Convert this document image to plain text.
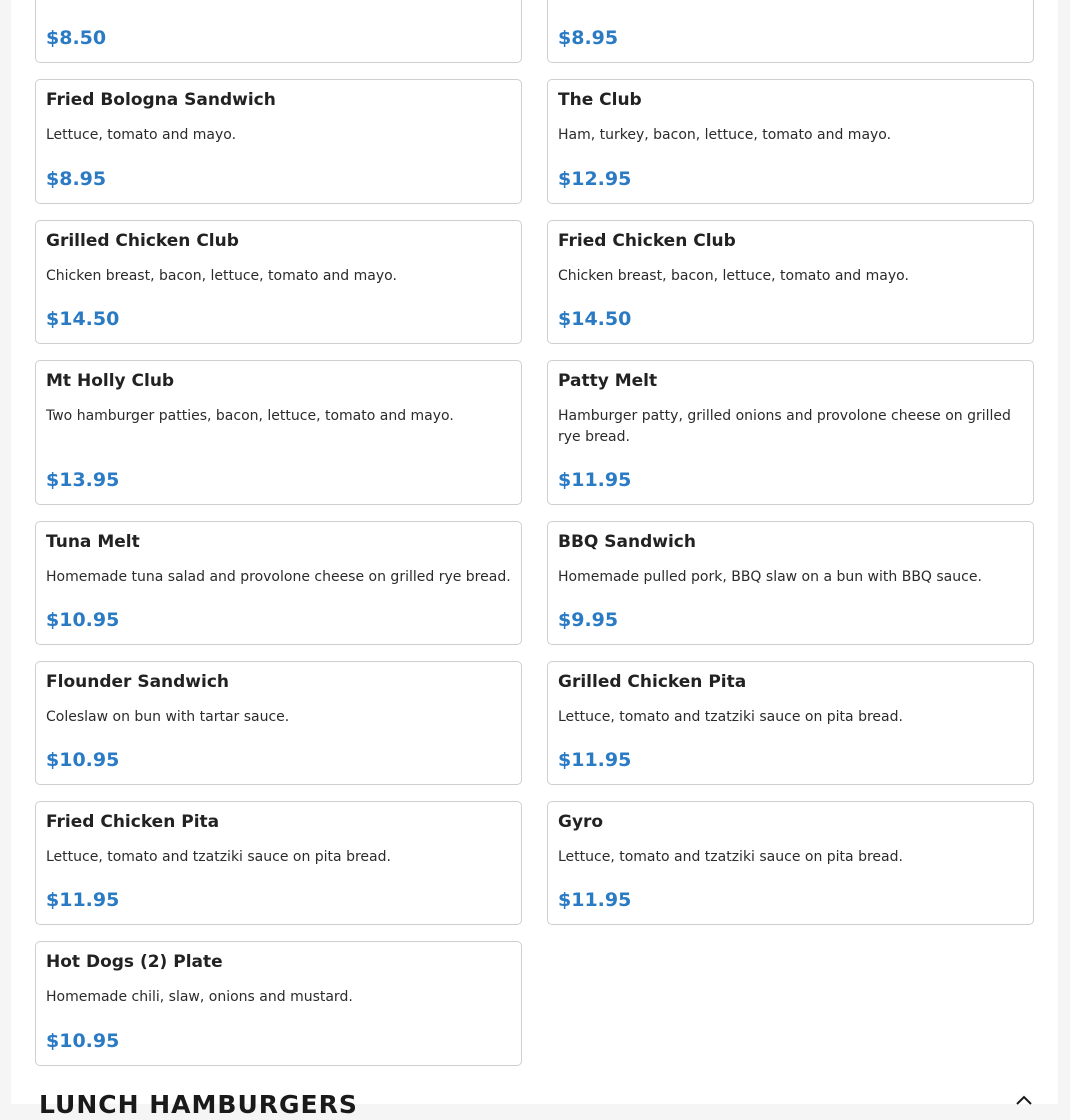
$8.50	$8.95
Fried Bologna Sandwich
Lettuce, tomato and mayo.
$8.95
The Club
Ham, turkey, bacon, lettuce, tomato and mayo.
$12.95
Grilled Chicken Club
Chicken breast, bacon, lettuce, tomato and mayo.
$14.50
Fried Chicken Club
Chicken breast, bacon, lettuce, tomato and mayo.
$14.50
Mt Holly Club
Two hamburger patties, bacon, lettuce, tomato and mayo.
$13.95
Patty Melt
Hamburger patty, grilled onions and provolone cheese on grilled rye bread.
$11.95
Tuna Melt
Homemade tuna salad and provolone cheese on grilled rye bread.
$10.95
BBQ Sandwich
Homemade pulled pork, BBQ slaw on a bun with BBQ sauce.
$9.95
Flounder Sandwich
Coleslaw on bun with tartar sauce.
$10.95
Grilled Chicken Pita
Lettuce, tomato and tzatziki sauce on pita bread.
$11.95
Fried Chicken Pita
Lettuce, tomato and tzatziki sauce on pita bread.
$11.95
Gyro
Lettuce, tomato and tzatziki sauce on pita bread.
$11.95
Hot Dogs (2) Plate
Homemade chili, slaw, onions and mustard.
$10.95
LUNCH HAMBURGERS
